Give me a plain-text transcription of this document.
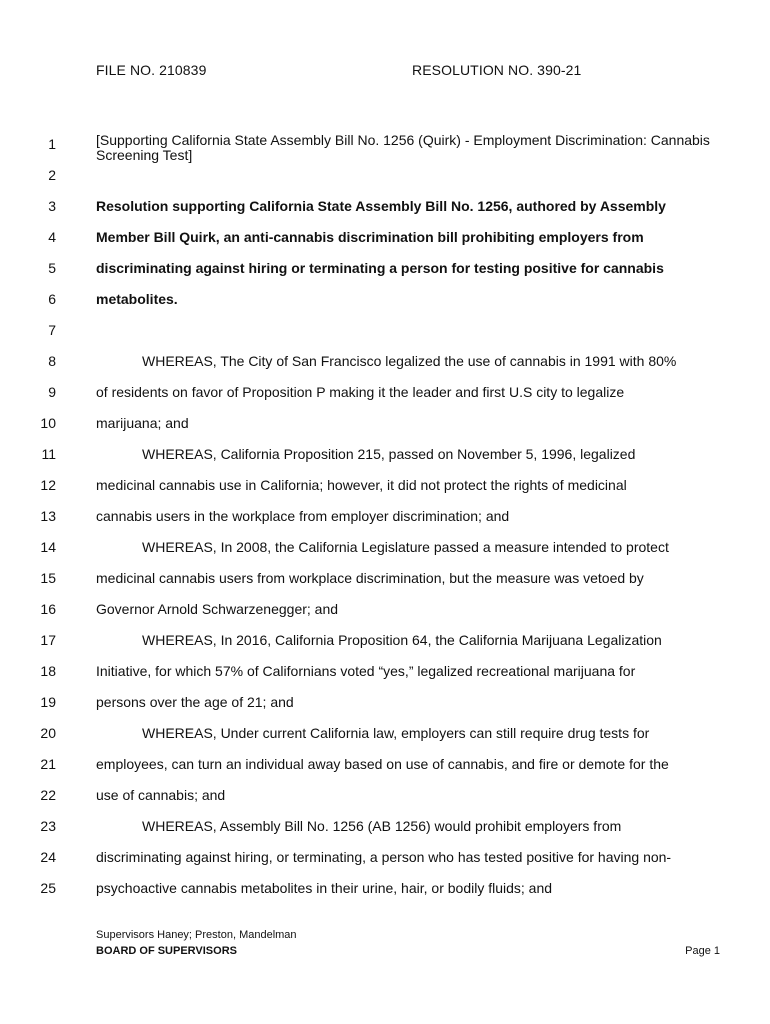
FILE NO. 210839	RESOLUTION NO. 390-21
1
2
3
4
5
6
7
8
9
10
11
12
13
14
15
16
17
18
19
20
21
22
23
24
25
[Supporting California State Assembly Bill No. 1256 (Quirk) - Employment Discrimination: Cannabis Screening Test]
Resolution supporting California State Assembly Bill No. 1256, authored by Assembly
Member Bill Quirk, an anti-cannabis discrimination bill prohibiting employers from
discriminating against hiring or terminating a person for testing positive for cannabis
metabolites.
WHEREAS, The City of San Francisco legalized the use of cannabis in 1991 with 80%
of residents on favor of Proposition P making it the leader and first U.S city to legalize
marijuana; and
WHEREAS, California Proposition 215, passed on November 5, 1996, legalized
medicinal cannabis use in California; however, it did not protect the rights of medicinal
cannabis users in the workplace from employer discrimination; and
WHEREAS, In 2008, the California Legislature passed a measure intended to protect
medicinal cannabis users from workplace discrimination, but the measure was vetoed by
Governor Arnold Schwarzenegger; and
WHEREAS, In 2016, California Proposition 64, the California Marijuana Legalization
Initiative, for which 57% of Californians voted “yes,” legalized recreational marijuana for
persons over the age of 21; and
WHEREAS, Under current California law, employers can still require drug tests for
employees, can turn an individual away based on use of cannabis, and fire or demote for the
use of cannabis; and
WHEREAS, Assembly Bill No. 1256 (AB 1256) would prohibit employers from
discriminating against hiring, or terminating, a person who has tested positive for having non-
psychoactive cannabis metabolites in their urine, hair, or bodily fluids; and
Supervisors Haney; Preston, Mandelman
BOARD OF SUPERVISORS	Page 1
